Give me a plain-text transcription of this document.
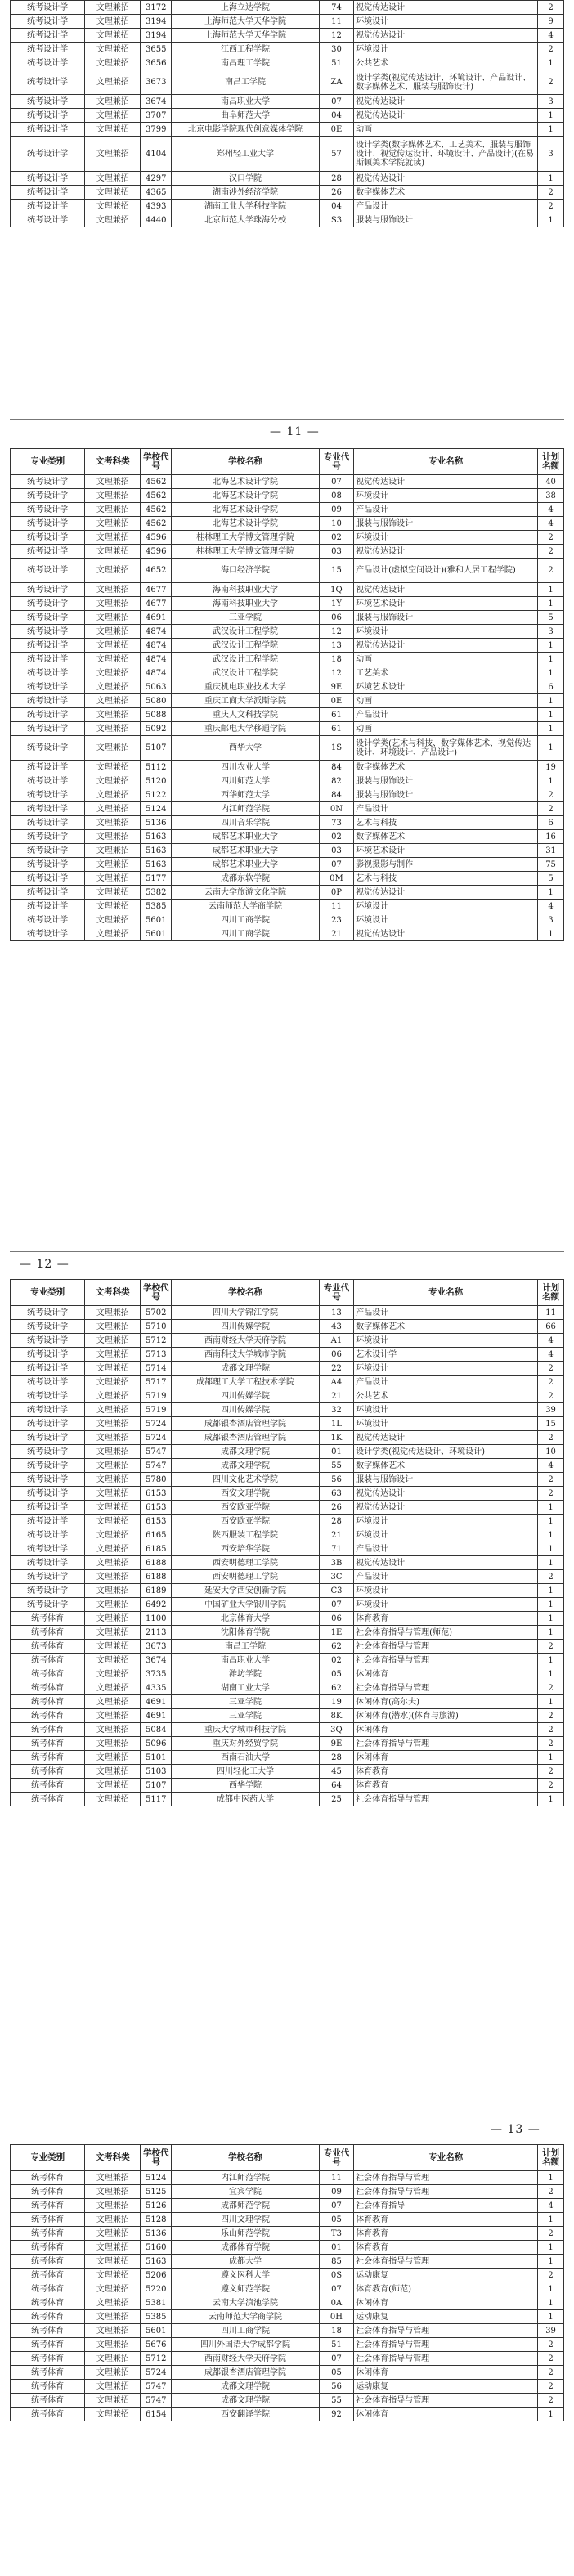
统考设计学	文理兼招	3172	上海立达学院	74	视觉传达设计	2
统考设计学	文理兼招	3194	上海师范大学天华学院	11	环境设计	9
统考设计学	文理兼招	3194	上海师范大学天华学院	12	视觉传达设计	4
统考设计学	文理兼招	3655	江西工程学院	30	环境设计	2
统考设计学	文理兼招	3656	南昌理工学院	51	公共艺术	1
统考设计学	文理兼招	3673	南昌工学院	ZA	设计学类(视觉传达设计、环境设计、产品设计、数字媒体艺术、服装与服饰设计)	2
统考设计学	文理兼招	3674	南昌职业大学	07	视觉传达设计	3
统考设计学	文理兼招	3707	曲阜师范大学	04	视觉传达设计	1
统考设计学	文理兼招	3799	北京电影学院现代创意媒体学院	0E	动画	1
统考设计学	文理兼招	4104	郑州轻工业大学	57	设计学类(数字媒体艺术、工艺美术、服装与服饰设计、视觉传达设计、环境设计、产品设计)(在易斯顿美术学院就读)	3
统考设计学	文理兼招	4297	汉口学院	28	视觉传达设计	1
统考设计学	文理兼招	4365	湖南涉外经济学院	26	数字媒体艺术	2
统考设计学	文理兼招	4393	湖南工业大学科技学院	04	产品设计	2
统考设计学	文理兼招	4440	北京师范大学珠海分校	S3	服装与服饰设计	1
— 11 —
专业类别	文考科类	学校代号	学校名称	专业代号	专业名称	计划名额
统考设计学	文理兼招	4562	北海艺术设计学院	07	视觉传达设计	40
统考设计学	文理兼招	4562	北海艺术设计学院	08	环境设计	38
统考设计学	文理兼招	4562	北海艺术设计学院	09	产品设计	4
统考设计学	文理兼招	4562	北海艺术设计学院	10	服装与服饰设计	4
统考设计学	文理兼招	4596	桂林理工大学博文管理学院	02	环境设计	2
统考设计学	文理兼招	4596	桂林理工大学博文管理学院	03	视觉传达设计	2
统考设计学	文理兼招	4652	海口经济学院	15	产品设计(虚拟空间设计)(雅和人居工程学院)	2
统考设计学	文理兼招	4677	海南科技职业大学	1Q	视觉传达设计	1
统考设计学	文理兼招	4677	海南科技职业大学	1Y	环境艺术设计	1
统考设计学	文理兼招	4691	三亚学院	06	服装与服饰设计	5
统考设计学	文理兼招	4874	武汉设计工程学院	12	环境设计	3
统考设计学	文理兼招	4874	武汉设计工程学院	13	视觉传达设计	1
统考设计学	文理兼招	4874	武汉设计工程学院	18	动画	1
统考设计学	文理兼招	4874	武汉设计工程学院	12	工艺美术	1
统考设计学	文理兼招	5063	重庆机电职业技术大学	9E	环境艺术设计	6
统考设计学	文理兼招	5080	重庆工商大学派斯学院	0E	动画	1
统考设计学	文理兼招	5088	重庆人文科技学院	61	产品设计	1
统考设计学	文理兼招	5092	重庆邮电大学移通学院	61	动画	1
统考设计学	文理兼招	5107	西华大学	1S	设计学类(艺术与科技、数字媒体艺术、视觉传达设计、环境设计、产品设计)	1
统考设计学	文理兼招	5112	四川农业大学	84	数字媒体艺术	19
统考设计学	文理兼招	5120	四川师范大学	82	服装与服饰设计	1
统考设计学	文理兼招	5122	西华师范大学	84	服装与服饰设计	2
统考设计学	文理兼招	5124	内江师范学院	0N	产品设计	2
统考设计学	文理兼招	5136	四川音乐学院	73	艺术与科技	6
统考设计学	文理兼招	5163	成都艺术职业大学	02	数字媒体艺术	16
统考设计学	文理兼招	5163	成都艺术职业大学	03	环境艺术设计	31
统考设计学	文理兼招	5163	成都艺术职业大学	07	影视摄影与制作	75
统考设计学	文理兼招	5177	成都东软学院	0M	艺术与科技	5
统考设计学	文理兼招	5382	云南大学旅游文化学院	0P	视觉传达设计	1
统考设计学	文理兼招	5385	云南师范大学商学院	11	环境设计	4
统考设计学	文理兼招	5601	四川工商学院	23	环境设计	3
统考设计学	文理兼招	5601	四川工商学院	21	视觉传达设计	1
— 12 —
专业类别	文考科类	学校代号	学校名称	专业代号	专业名称	计划名额
统考设计学	文理兼招	5702	四川大学锦江学院	13	产品设计	11
统考设计学	文理兼招	5710	四川传媒学院	43	数字媒体艺术	66
统考设计学	文理兼招	5712	西南财经大学天府学院	A1	环境设计	4
统考设计学	文理兼招	5713	西南科技大学城市学院	06	艺术设计学	4
统考设计学	文理兼招	5714	成都文理学院	22	环境设计	2
统考设计学	文理兼招	5717	成都理工大学工程技术学院	A4	产品设计	2
统考设计学	文理兼招	5719	四川传媒学院	21	公共艺术	2
统考设计学	文理兼招	5719	四川传媒学院	32	环境设计	39
统考设计学	文理兼招	5724	成都银杏酒店管理学院	1L	环境设计	15
统考设计学	文理兼招	5724	成都银杏酒店管理学院	1K	视觉传达设计	2
统考设计学	文理兼招	5747	成都文理学院	01	设计学类(视觉传达设计、环境设计)	10
统考设计学	文理兼招	5747	成都文理学院	55	数字媒体艺术	4
统考设计学	文理兼招	5780	四川文化艺术学院	56	服装与服饰设计	2
统考设计学	文理兼招	6153	西安文理学院	63	视觉传达设计	2
统考设计学	文理兼招	6153	西安欧亚学院	26	视觉传达设计	1
统考设计学	文理兼招	6153	西安欧亚学院	28	环境设计	1
统考设计学	文理兼招	6165	陕西服装工程学院	21	环境设计	1
统考设计学	文理兼招	6185	西安培华学院	71	产品设计	1
统考设计学	文理兼招	6188	西安明德理工学院	3B	视觉传达设计	1
统考设计学	文理兼招	6188	西安明德理工学院	3C	产品设计	2
统考设计学	文理兼招	6189	延安大学西安创新学院	C3	环境设计	1
统考设计学	文理兼招	6492	中国矿业大学银川学院	07	环境设计	1
统考体育	文理兼招	1100	北京体育大学	06	体育教育	1
统考体育	文理兼招	2113	沈阳体育学院	1E	社会体育指导与管理(师范)	1
统考体育	文理兼招	3673	南昌工学院	62	社会体育指导与管理	2
统考体育	文理兼招	3674	南昌职业大学	02	社会体育指导与管理	1
统考体育	文理兼招	3735	潍坊学院	05	休闲体育	1
统考体育	文理兼招	4335	湖南工业大学	62	社会体育指导与管理	2
统考体育	文理兼招	4691	三亚学院	19	休闲体育(高尔夫)	1
统考体育	文理兼招	4691	三亚学院	8K	休闲体育(潜水)(体育与旅游)	2
统考体育	文理兼招	5084	重庆大学城市科技学院	3Q	休闲体育	2
统考体育	文理兼招	5096	重庆对外经贸学院	9E	社会体育指导与管理	2
统考体育	文理兼招	5101	西南石油大学	28	休闲体育	1
统考体育	文理兼招	5103	四川轻化工大学	45	体育教育	2
统考体育	文理兼招	5107	西华学院	64	体育教育	2
统考体育	文理兼招	5117	成都中医药大学	25	社会体育指导与管理	1
— 13 —
专业类别	文考科类	学校代号	学校名称	专业代号	专业名称	计划名额
统考体育	文理兼招	5124	内江师范学院	11	社会体育指导与管理	1
统考体育	文理兼招	5125	宜宾学院	09	社会体育指导与管理	2
统考体育	文理兼招	5126	成都师范学院	07	社会体育指导	4
统考体育	文理兼招	5128	四川文理学院	05	体育教育	1
统考体育	文理兼招	5136	乐山师范学院	T3	体育教育	2
统考体育	文理兼招	5160	成都体育学院	01	体育教育	1
统考体育	文理兼招	5163	成都大学	85	社会体育指导与管理	1
统考体育	文理兼招	5206	遵义医科大学	0S	运动康复	2
统考体育	文理兼招	5220	遵义师范学院	07	体育教育(师范)	1
统考体育	文理兼招	5381	云南大学滇池学院	0A	休闲体育	1
统考体育	文理兼招	5385	云南师范大学商学院	0H	运动康复	1
统考体育	文理兼招	5601	四川工商学院	18	社会体育指导与管理	39
统考体育	文理兼招	5676	四川外国语大学成都学院	51	社会体育指导与管理	2
统考体育	文理兼招	5712	西南财经大学天府学院	07	社会体育指导与管理	2
统考体育	文理兼招	5724	成都银杏酒店管理学院	05	休闲体育	2
统考体育	文理兼招	5747	成都文理学院	56	运动康复	2
统考体育	文理兼招	5747	成都文理学院	55	社会体育指导与管理	2
统考体育	文理兼招	6154	西安翻译学院	92	休闲体育	1
